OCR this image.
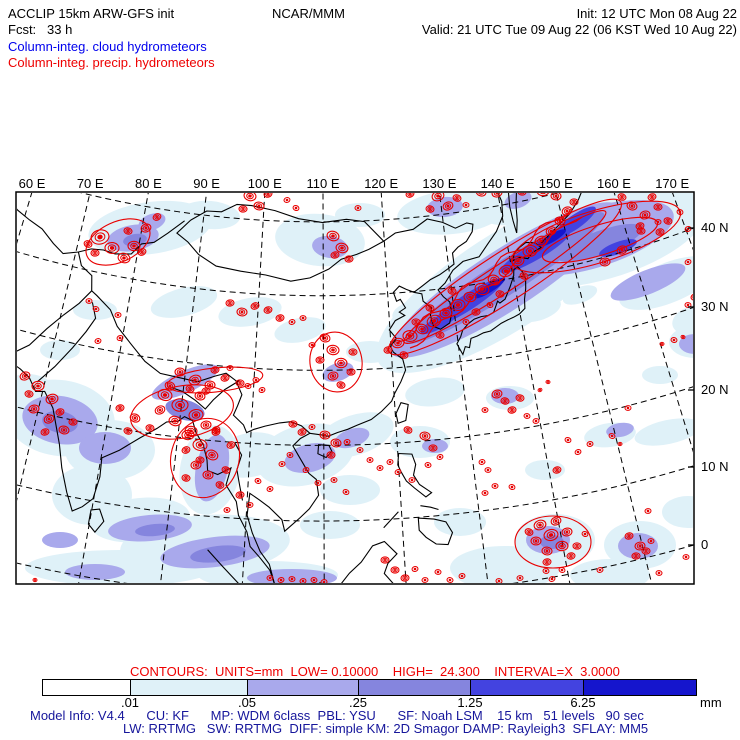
ACCLIP 15km ARW-GFS init	NCAR/MMM	Init: 12 UTC Mon 08 Aug 22
Fcst:   33 h	Valid: 21 UTC Tue 09 Aug 22 (06 KST Wed 10 Aug 22)
Column-integ. cloud hydrometeors
Column-integ. precip. hydrometeors
60 E 70 E 80 E 90 E 100 E 110 E 120 E 130 E 140 E 150 E 160 E 170 E
40 N
30 N
20 N
10 N
0
CONTOURS:  UNITS=mm  LOW= 0.10000    HIGH=  24.300    INTERVAL=X  3.0000
.01	.05	.25	1.25	6.25	mm
Model Info: V4.4      CU: KF      MP: WDM 6class  PBL: YSU      SF: Noah LSM    15 km   51 levels   90 sec
LW: RRTMG   SW: RRTMG  DIFF: simple KM: 2D Smagor DAMP: Rayleigh3  SFLAY: MM5
